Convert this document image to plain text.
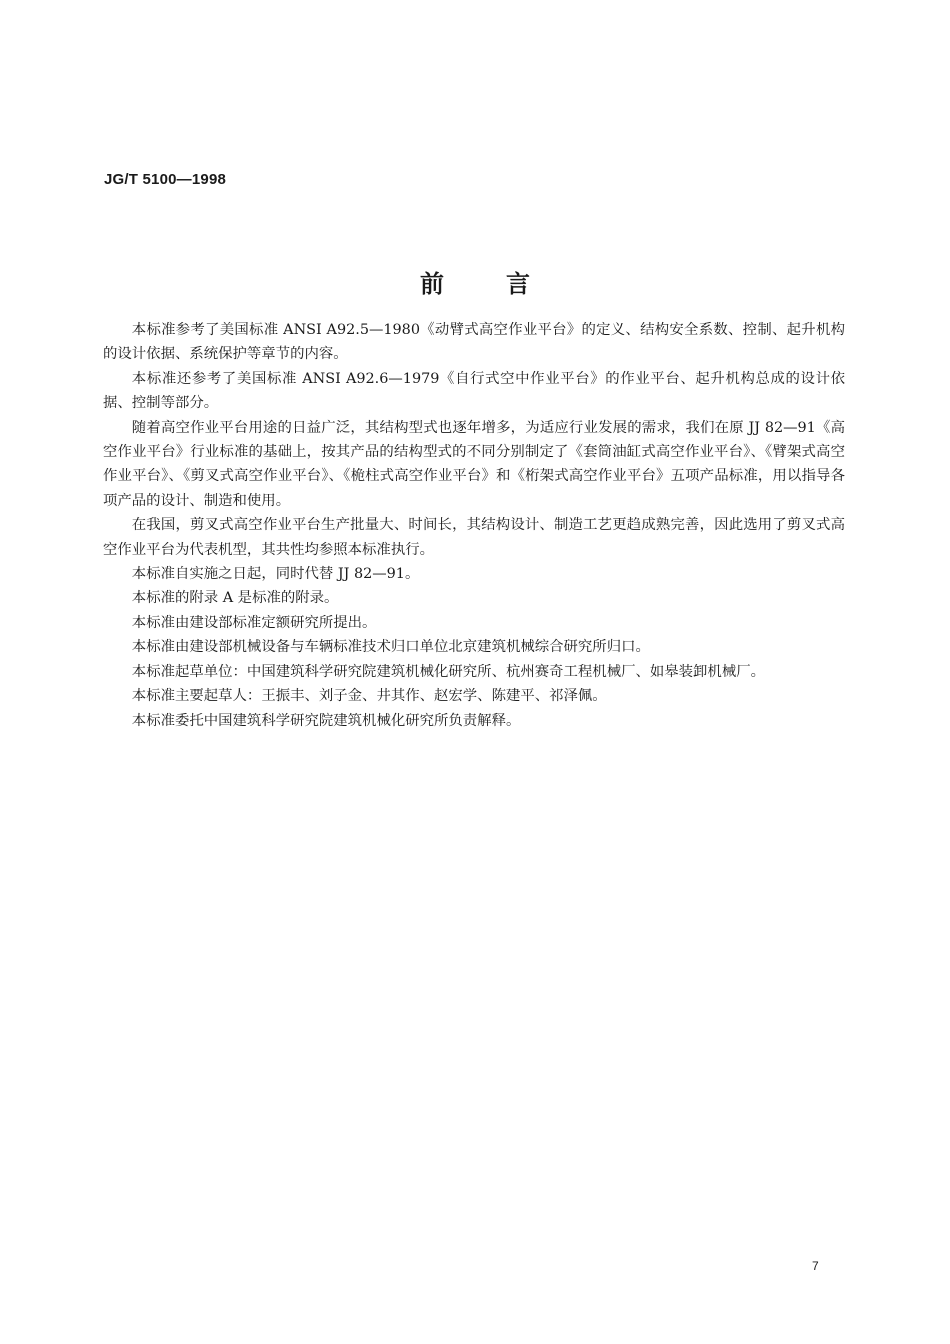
JG/T 5100—1998
前言

本标准参考了美国标准 ANSI A92.5—1980《动臂式高空作业平台》的定义、结构安全系数、控制、起升机构的设计依据、系统保护等章节的内容。

本标准还参考了美国标准 ANSI A92.6—1979《自行式空中作业平台》的作业平台、起升机构总成的设计依据、控制等部分。

随着高空作业平台用途的日益广泛，其结构型式也逐年增多，为适应行业发展的需求，我们在原 JJ 82—91《高空作业平台》行业标准的基础上，按其产品的结构型式的不同分别制定了《套筒油缸式高空作业平台》、《臂架式高空作业平台》、《剪叉式高空作业平台》、《桅柱式高空作业平台》和《桁架式高空作业平台》五项产品标准，用以指导各项产品的设计、制造和使用。

在我国，剪叉式高空作业平台生产批量大、时间长，其结构设计、制造工艺更趋成熟完善，因此选用了剪叉式高空作业平台为代表机型，其共性均参照本标准执行。

本标准自实施之日起，同时代替 JJ 82—91。

本标准的附录 A 是标准的附录。

本标准由建设部标准定额研究所提出。

本标准由建设部机械设备与车辆标准技术归口单位北京建筑机械综合研究所归口。

本标准起草单位：中国建筑科学研究院建筑机械化研究所、杭州赛奇工程机械厂、如皋装卸机械厂。

本标准主要起草人：王振丰、刘子金、井其作、赵宏学、陈建平、祁泽佩。

本标准委托中国建筑科学研究院建筑机械化研究所负责解释。

7
